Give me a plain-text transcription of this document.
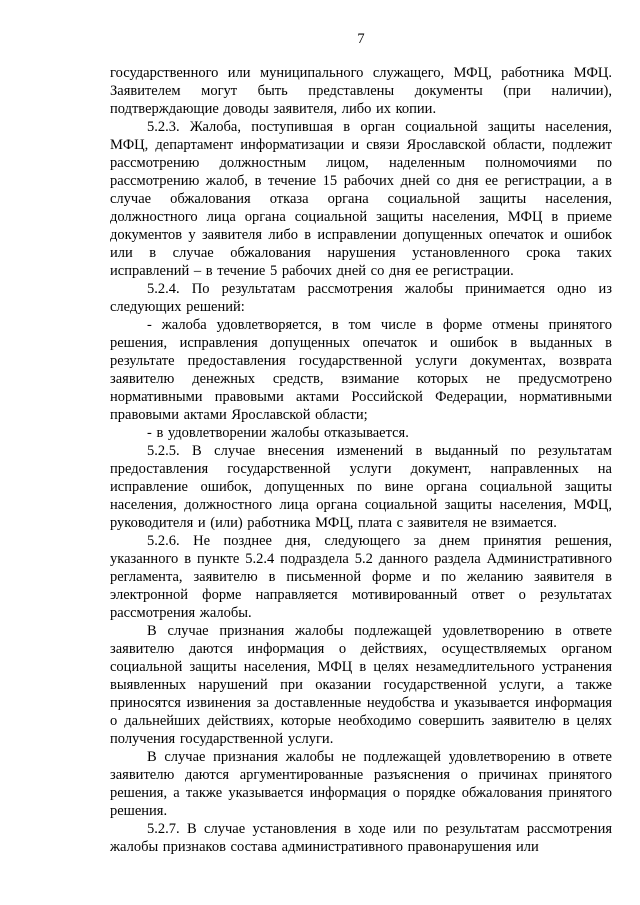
7

государственного или муниципального служащего, МФЦ, работника МФЦ. Заявителем могут быть представлены документы (при наличии), подтверждающие доводы заявителя, либо их копии.

5.2.3. Жалоба, поступившая в орган социальной защиты населения, МФЦ, департамент информатизации и связи Ярославской области, подлежит рассмотрению должностным лицом, наделенным полномочиями по рассмотрению жалоб, в течение 15 рабочих дней со дня ее регистрации, а в случае обжалования отказа органа социальной защиты населения, должностного лица органа социальной защиты населения, МФЦ в приеме документов у заявителя либо в исправлении допущенных опечаток и ошибок или в случае обжалования нарушения установленного срока таких исправлений – в течение 5 рабочих дней со дня ее регистрации.

5.2.4. По результатам рассмотрения жалобы принимается одно из следующих решений:

- жалоба удовлетворяется, в том числе в форме отмены принятого решения, исправления допущенных опечаток и ошибок в выданных в результате предоставления государственной услуги документах, возврата заявителю денежных средств, взимание которых не предусмотрено нормативными правовыми актами Российской Федерации, нормативными правовыми актами Ярославской области;

- в удовлетворении жалобы отказывается.

5.2.5. В случае внесения изменений в выданный по результатам предоставления государственной услуги документ, направленных на исправление ошибок, допущенных по вине органа социальной защиты населения, должностного лица органа социальной защиты населения, МФЦ, руководителя и (или) работника МФЦ, плата с заявителя не взимается.

5.2.6. Не позднее дня, следующего за днем принятия решения, указанного в пункте 5.2.4 подраздела 5.2 данного раздела Административного регламента, заявителю в письменной форме и по желанию заявителя в электронной форме направляется мотивированный ответ о результатах рассмотрения жалобы.

В случае признания жалобы подлежащей удовлетворению в ответе заявителю даются информация о действиях, осуществляемых органом социальной защиты населения, МФЦ в целях незамедлительного устранения выявленных нарушений при оказании государственной услуги, а также приносятся извинения за доставленные неудобства и указывается информация о дальнейших действиях, которые необходимо совершить заявителю в целях получения государственной услуги.

В случае признания жалобы не подлежащей удовлетворению в ответе заявителю даются аргументированные разъяснения о причинах принятого решения, а также указывается информация о порядке обжалования принятого решения.

5.2.7. В случае установления в ходе или по результатам рассмотрения жалобы признаков состава административного правонарушения или
